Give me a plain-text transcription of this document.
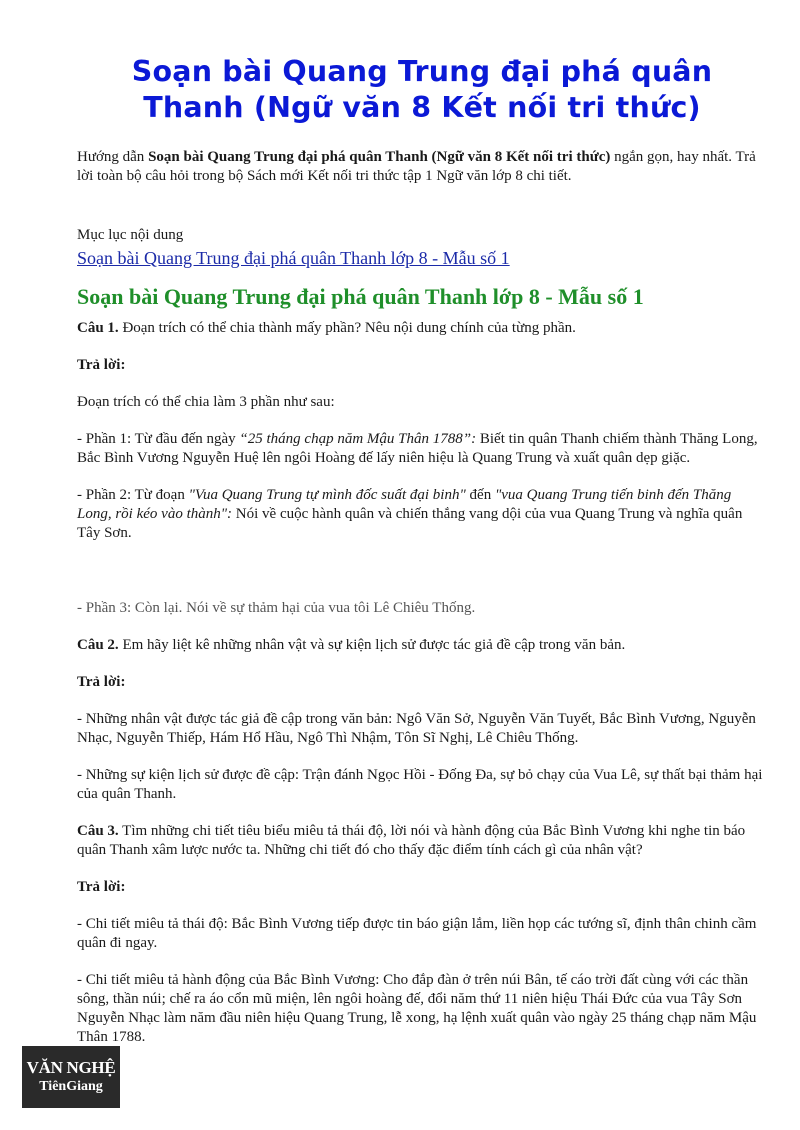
Soạn bài Quang Trung đại phá quân Thanh (Ngữ văn 8 Kết nối tri thức)

Hướng dẫn Soạn bài Quang Trung đại phá quân Thanh (Ngữ văn 8 Kết nối tri thức) ngắn gọn, hay nhất. Trả lời toàn bộ câu hỏi trong bộ Sách mới Kết nối tri thức tập 1 Ngữ văn lớp 8 chi tiết.

Mục lục nội dung

Soạn bài Quang Trung đại phá quân Thanh lớp 8 - Mẫu số 1
Soạn bài Quang Trung đại phá quân Thanh lớp 8 - Mẫu số 1

Câu 1. Đoạn trích có thể chia thành mấy phần? Nêu nội dung chính của từng phần.

Trả lời:

Đoạn trích có thể chia làm 3 phần như sau:

- Phần 1: Từ đầu đến ngày “25 tháng chạp năm Mậu Thân 1788”: Biết tin quân Thanh chiếm thành Thăng Long, Bắc Bình Vương Nguyễn Huệ lên ngôi Hoàng đế lấy niên hiệu là Quang Trung và xuất quân dẹp giặc.

- Phần 2: Từ đoạn "Vua Quang Trung tự mình đốc suất đại binh" đến "vua Quang Trung tiến binh đến Thăng Long, rồi kéo vào thành": Nói về cuộc hành quân và chiến thắng vang dội của vua Quang Trung và nghĩa quân Tây Sơn.

- Phần 3: Còn lại. Nói về sự thảm hại của vua tôi Lê Chiêu Thống.

Câu 2. Em hãy liệt kê những nhân vật và sự kiện lịch sử được tác giả đề cập trong văn bản.

Trả lời:

- Những nhân vật được tác giả đề cập trong văn bản: Ngô Văn Sở, Nguyễn Văn Tuyết, Bắc Bình Vương, Nguyễn Nhạc, Nguyễn Thiếp, Hám Hổ Hầu, Ngô Thì Nhậm, Tôn Sĩ Nghị, Lê Chiêu Thống.

- Những sự kiện lịch sử được đề cập: Trận đánh Ngọc Hồi - Đống Đa, sự bỏ chạy của Vua Lê, sự thất bại thảm hại của quân Thanh.

Câu 3. Tìm những chi tiết tiêu biểu miêu tả thái độ, lời nói và hành động của Bắc Bình Vương khi nghe tin báo quân Thanh xâm lược nước ta. Những chi tiết đó cho thấy đặc điểm tính cách gì của nhân vật?

Trả lời:

- Chi tiết miêu tả thái độ: Bắc Bình Vương tiếp được tin báo giận lắm, liền họp các tướng sĩ, định thân chinh cầm quân đi ngay.

- Chi tiết miêu tả hành động của Bắc Bình Vương: Cho đắp đàn ở trên núi Bân, tế cáo trời đất cùng với các thần sông, thần núi; chế ra áo cổn mũ miện, lên ngôi hoàng đế, đổi năm thứ 11 niên hiệu Thái Đức của vua Tây Sơn Nguyễn Nhạc làm năm đầu niên hiệu Quang Trung, lễ xong, hạ lệnh xuất quân vào ngày 25 tháng chạp năm Mậu Thân 1788.

VĂN NGHỆ
TiênGiang
